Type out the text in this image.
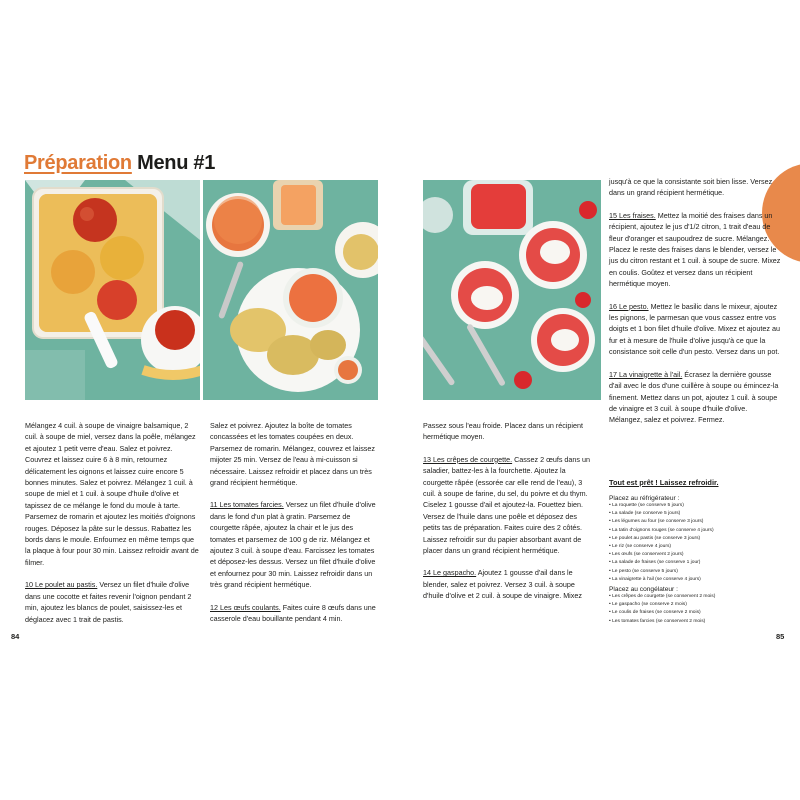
Préparation Menu #1

Mélangez 4 cuil. à soupe de vinaigre balsamique, 2 cuil. à soupe de miel, versez dans la poêle, mélangez et ajoutez 1 petit verre d'eau. Salez et poivrez. Couvrez et laissez cuire 6 à 8 min, retournez délicatement les oignons et laissez cuire encore 5 bonnes minutes. Salez et poivrez. Mélangez 1 cuil. à soupe de miel et 1 cuil. à soupe d'huile d'olive et tapissez de ce mélange le fond du moule à tarte. Parsemez de romarin et ajoutez les moitiés d'oignons rouges. Déposez la pâte sur le dessus. Rabattez les bords dans le moule. Enfournez en même temps que la plaque à four pour 30 min. Laissez refroidir avant de filmer.

10 Le poulet au pastis. Versez un filet d'huile d'olive dans une cocotte et faites revenir l'oignon pendant 2 min, ajoutez les blancs de poulet, saisissez-les et déglacez avec 1 trait de pastis.

Salez et poivrez. Ajoutez la boîte de tomates concassées et les tomates coupées en deux. Parsemez de romarin. Mélangez, couvrez et laissez mijoter 25 min. Versez de l'eau à mi-cuisson si nécessaire. Laissez refroidir et placez dans un très grand récipient hermétique.

11 Les tomates farcies. Versez un filet d'huile d'olive dans le fond d'un plat à gratin. Parsemez de courgette râpée, ajoutez la chair et le jus des tomates et parsemez de 100 g de riz. Mélangez et ajoutez 3 cuil. à soupe d'eau. Farcissez les tomates et déposez-les dessus. Versez un filet d'huile d'olive et enfournez pour 30 min. Laissez refroidir dans un très grand récipient hermétique.

12 Les œufs coulants. Faites cuire 8 œufs dans une casserole d'eau bouillante pendant 4 min.

Passez sous l'eau froide. Placez dans un récipient hermétique moyen.

13 Les crêpes de courgette. Cassez 2 œufs dans un saladier, battez-les à la fourchette. Ajoutez la courgette râpée (essorée car elle rend de l'eau), 3 cuil. à soupe de farine, du sel, du poivre et du thym. Ciselez 1 gousse d'ail et ajoutez-la. Fouettez bien. Versez de l'huile dans une poêle et déposez des petits tas de préparation. Faites cuire des 2 côtés. Laissez refroidir sur du papier absorbant avant de placer dans un grand récipient hermétique.

14 Le gaspacho. Ajoutez 1 gousse d'ail dans le blender, salez et poivrez. Versez 3 cuil. à soupe d'huile d'olive et 2 cuil. à soupe de vinaigre. Mixez

jusqu'à ce que la consistante soit bien lisse. Versez dans un grand récipient hermétique.

15 Les fraises. Mettez la moitié des fraises dans un récipient, ajoutez le jus d'1/2 citron, 1 trait d'eau de fleur d'oranger et saupoudrez de sucre. Mélangez. Placez le reste des fraises dans le blender, versez le jus du citron restant et 1 cuil. à soupe de sucre. Mixez en coulis. Goûtez et versez dans un récipient hermétique moyen.

16 Le pesto. Mettez le basilic dans le mixeur, ajoutez les pignons, le parmesan que vous cassez entre vos doigts et 1 bon filet d'huile d'olive. Mixez et ajoutez au fur et à mesure de l'huile d'olive jusqu'à ce que la consistance soit celle d'un pesto. Versez dans un pot.

17 La vinaigrette à l'ail. Écrasez la dernière gousse d'ail avec le dos d'une cuillère à soupe ou émincez-la finement. Mettez dans un pot, ajoutez 1 cuil. à soupe de vinaigre et 3 cuil. à soupe d'huile d'olive. Mélangez, salez et poivrez. Fermez.

Tout est prêt ! Laissez refroidir.
Placez au réfrigérateur :
• La roquette (se conserve 5 jours)
• La salade (se conserve 5 jours)
• Les légumes au four (se conserve 3 jours)
• La tatin d'oignons rouges (se conserve 4 jours)
• Le poulet au pastis (se conserve 3 jours)
• Le riz (se conserve 4 jours)
• Les œufs (se conservent 2 jours)
• La salade de fraises (se conserve 1 jour)
• Le pesto (se conserve 5 jours)
• La vinaigrette à l'ail (se conserve 4 jours)
Placez au congélateur :
• Les crêpes de courgette (se conservent 2 mois)
• Le gaspacho (se conserve 2 mois)
• Le coulis de fraises (se conserve 2 mois)
• Les tomates farcies (se conservent 2 mois)
84	85
